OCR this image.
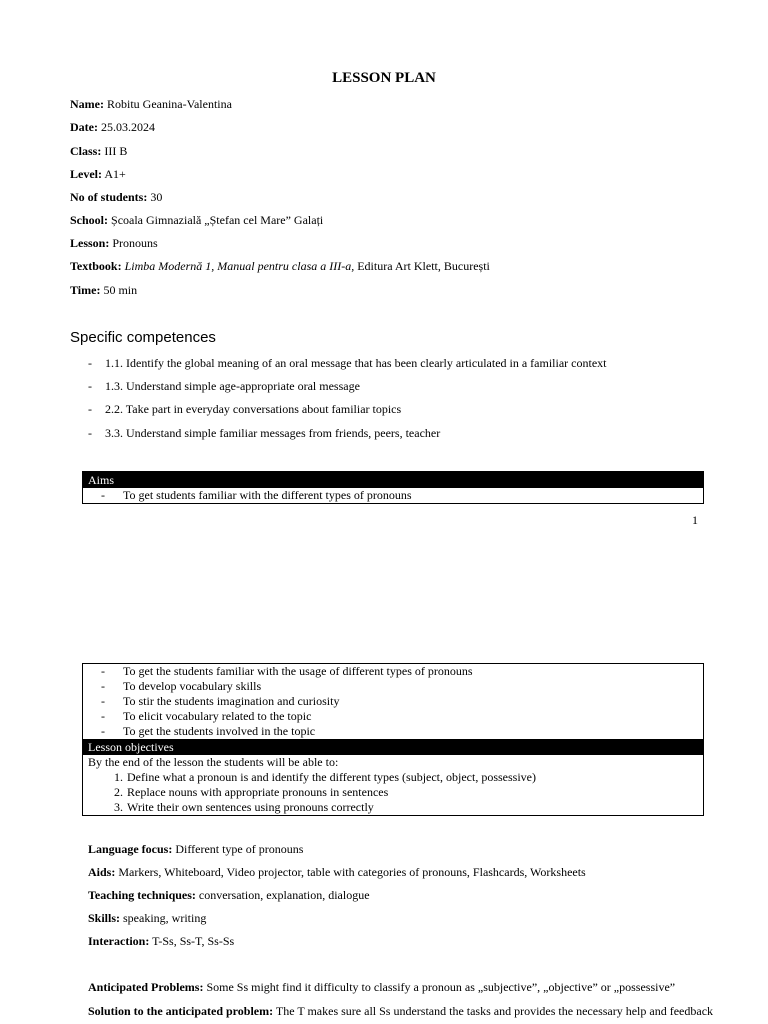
LESSON PLAN
Name: Robitu Geanina-Valentina
Date: 25.03.2024
Class: III B
Level: A1+
No of students: 30
School: Școala Gimnazială „Ștefan cel Mare” Galați
Lesson: Pronouns
Textbook: Limba Modernă 1, Manual pentru clasa a III-a, Editura Art Klett, București
Time: 50 min
Specific competences
- 1.1. Identify the global meaning of an oral message that has been clearly articulated in a familiar context
- 1.3. Understand simple age-appropriate oral message
- 2.2. Take part in everyday conversations about familiar topics
- 3.3. Understand simple familiar messages from friends, peers, teacher
Aims
- To get students familiar with the different types of pronouns
1
- To get the students familiar with the usage of different types of pronouns
- To develop vocabulary skills
- To stir the students imagination and curiosity
- To elicit vocabulary related to the topic
- To get the students involved in the topic
Lesson objectives
By the end of the lesson the students will be able to:
1. Define what a pronoun is and identify the different types (subject, object, possessive)
2. Replace nouns with appropriate pronouns in sentences
3. Write their own sentences using pronouns correctly
Language focus: Different type of pronouns
Aids: Markers, Whiteboard, Video projector, table with categories of pronouns, Flashcards, Worksheets
Teaching techniques: conversation, explanation, dialogue
Skills: speaking, writing
Interaction: T-Ss, Ss-T, Ss-Ss
Anticipated Problems: Some Ss might find it difficulty to classify a pronoun as „subjective”, „objective” or „possessive”
Solution to the anticipated problem: The T makes sure all Ss understand the tasks and provides the necessary help and feedback
